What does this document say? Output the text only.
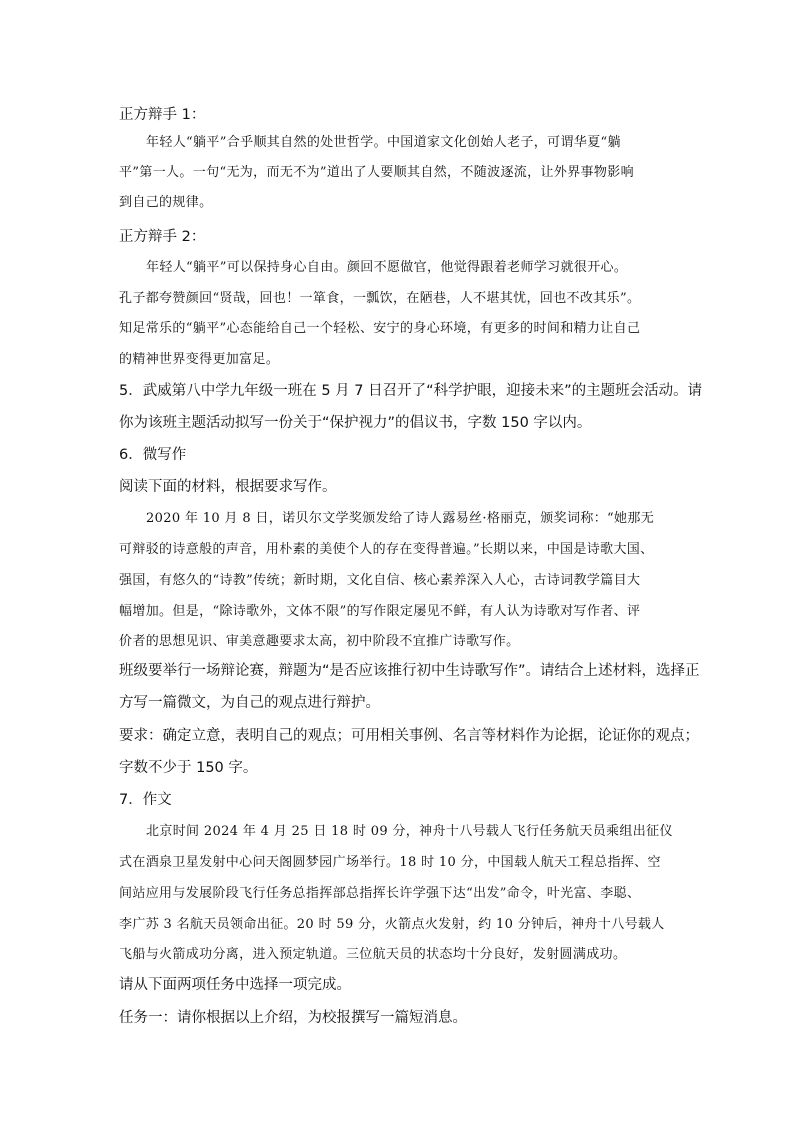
正方辩手 1：
年轻人“躺平”合乎顺其自然的处世哲学。中国道家文化创始人老子，可谓华夏“躺
平”第一人。一句“无为，而无不为”道出了人要顺其自然，不随波逐流，让外界事物影响
到自己的规律。
正方辩手 2：
年轻人“躺平”可以保持身心自由。颜回不愿做官，他觉得跟着老师学习就很开心。
孔子都夸赞颜回“贤哉，回也！一箪食，一瓢饮，在陋巷，人不堪其忧，回也不改其乐”。
知足常乐的“躺平”心态能给自己一个轻松、安宁的身心环境，有更多的时间和精力让自己
的精神世界变得更加富足。
5．武威第八中学九年级一班在 5 月 7 日召开了“科学护眼，迎接未来”的主题班会活动。请
你为该班主题活动拟写一份关于“保护视力”的倡议书，字数 150 字以内。
6．微写作
阅读下面的材料，根据要求写作。
2020 年 10 月 8 日，诺贝尔文学奖颁发给了诗人露易丝·格丽克，颁奖词称：“她那无
可辩驳的诗意般的声音，用朴素的美使个人的存在变得普遍。”长期以来，中国是诗歌大国、
强国，有悠久的“诗教”传统；新时期，文化自信、核心素养深入人心，古诗词教学篇目大
幅增加。但是，“除诗歌外，文体不限”的写作限定屡见不鲜，有人认为诗歌对写作者、评
价者的思想见识、审美意趣要求太高，初中阶段不宜推广诗歌写作。
班级要举行一场辩论赛，辩题为“是否应该推行初中生诗歌写作”。请结合上述材料，选择正
方写一篇微文，为自己的观点进行辩护。
要求：确定立意，表明自己的观点；可用相关事例、名言等材料作为论据，论证你的观点；
字数不少于 150 字。
7．作文
北京时间 2024 年 4 月 25 日 18 时 09 分，神舟十八号载人飞行任务航天员乘组出征仪
式在酒泉卫星发射中心问天阁圆梦园广场举行。18 时 10 分，中国载人航天工程总指挥、空
间站应用与发展阶段飞行任务总指挥部总指挥长许学强下达“出发”命令，叶光富、李聪、
李广苏 3 名航天员领命出征。20 时 59 分，火箭点火发射，约 10 分钟后，神舟十八号载人
飞船与火箭成功分离，进入预定轨道。三位航天员的状态均十分良好，发射圆满成功。
请从下面两项任务中选择一项完成。
任务一：请你根据以上介绍，为校报撰写一篇短消息。
